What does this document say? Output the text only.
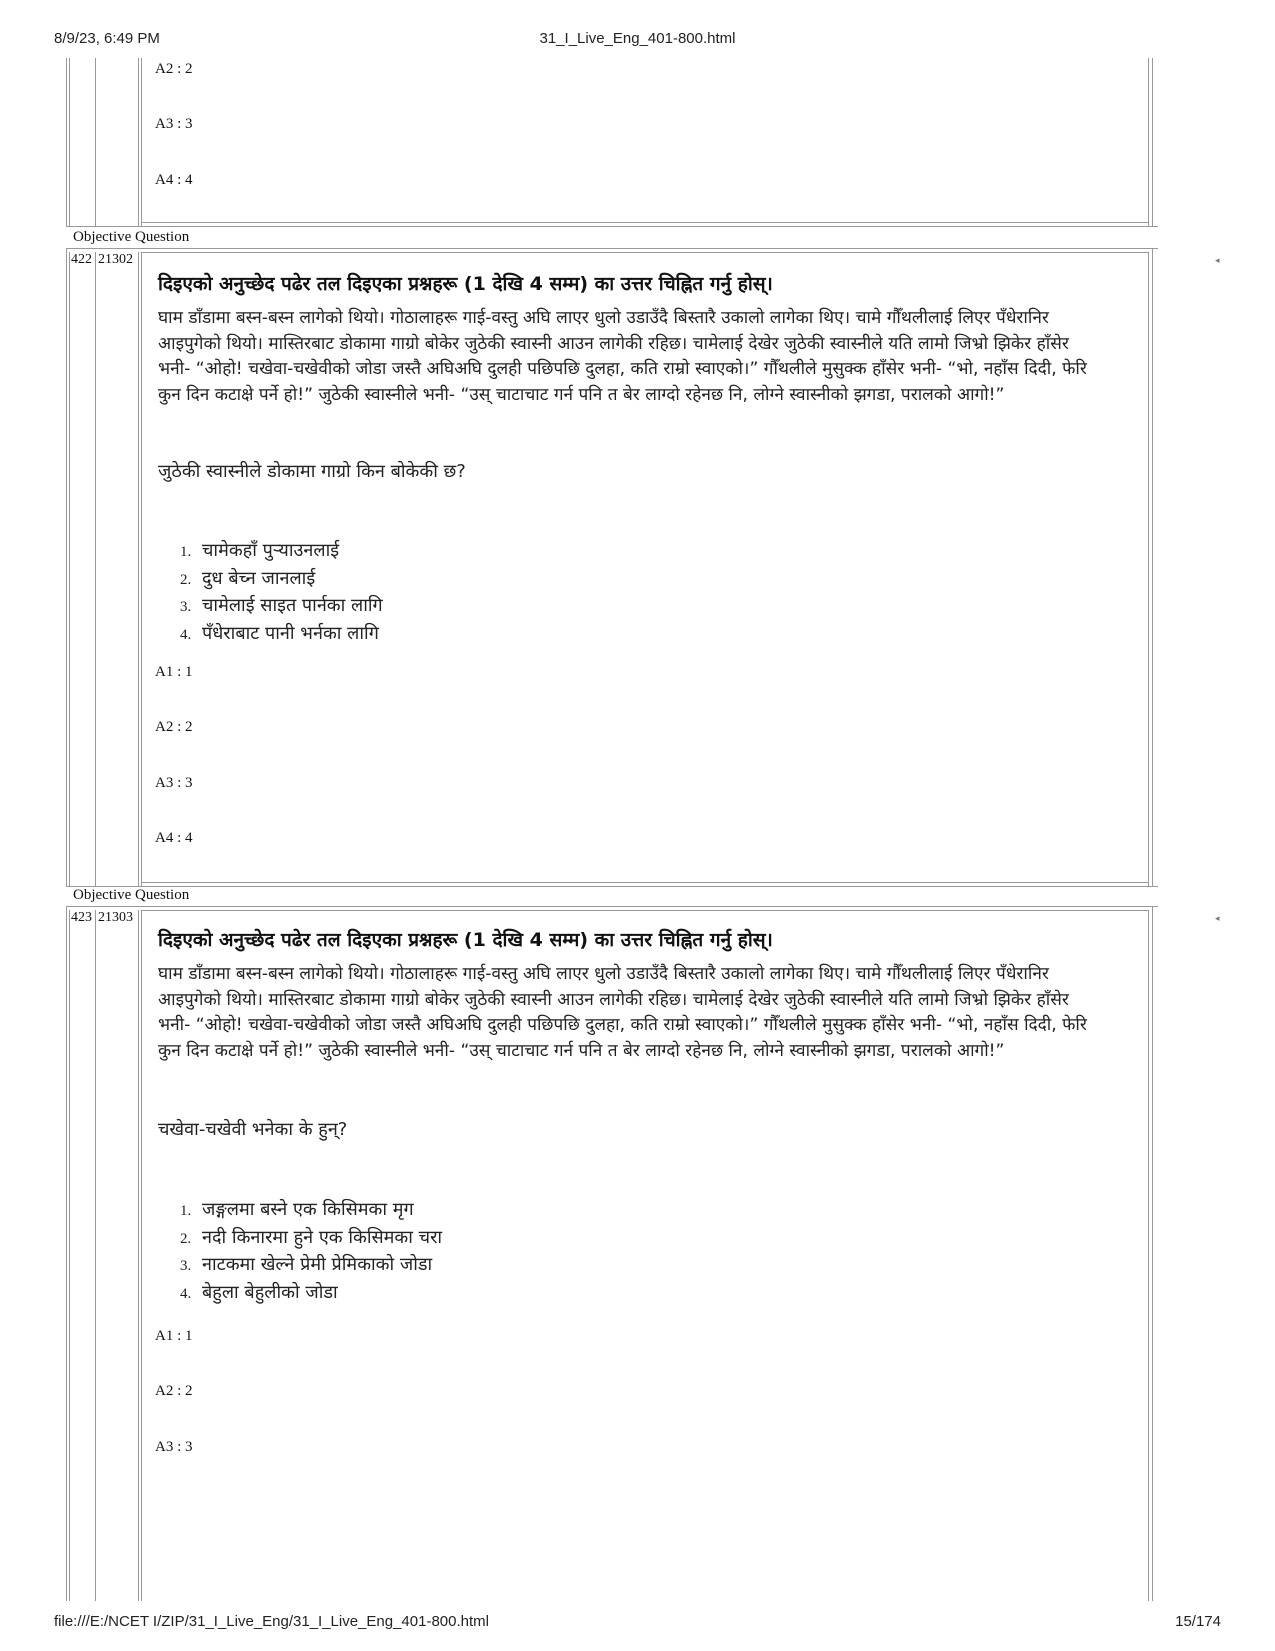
8/9/23, 6:49 PM	31_I_Live_Eng_401-800.html
A2 : 2
A3 : 3
A4 : 4
Objective Question
◂
422 21302
दिइएको अनुच्छेद पढेर तल दिइएका प्रश्नहरू (1 देखि 4 सम्म) का उत्तर चिह्नित गर्नु होस्।
घाम डाँडामा बस्न-बस्न लागेको थियो। गोठालाहरू गाई-वस्तु अघि लाएर धुलो उडाउँदै बिस्तारै उकालो लागेका थिए। चामे गौँथलीलाई लिएर पँधेरानिर
आइपुगेको थियो। मास्तिरबाट डोकामा गाग्रो बोकेर जुठेकी स्वास्नी आउन लागेकी रहिछ। चामेलाई देखेर जुठेकी स्वास्नीले यति लामो जिभ्रो झिकेर हाँसेर
भनी- “ओहो! चखेवा-चखेवीको जोडा जस्तै अघिअघि दुलही पछिपछि दुलहा, कति राम्रो स्वाएको।” गौँथलीले मुसुक्क हाँसेर भनी- “भो, नहाँस दिदी, फेरि
कुन दिन कटाक्षे पर्ने हो!” जुठेकी स्वास्नीले भनी- “उस् चाटाचाट गर्न पनि त बेर लाग्दो रहेनछ नि, लोग्ने स्वास्नीको झगडा, परालको आगो!”
जुठेकी स्वास्नीले डोकामा गाग्रो किन बोकेकी छ?
1. चामेकहाँ पुऱ्याउनलाई
2. दुध बेच्न जानलाई
3. चामेलाई साइत पार्नका लागि
4. पँधेराबाट पानी भर्नका लागि
A1 : 1
A2 : 2
A3 : 3
A4 : 4
Objective Question
◂
423 21303
दिइएको अनुच्छेद पढेर तल दिइएका प्रश्नहरू (1 देखि 4 सम्म) का उत्तर चिह्नित गर्नु होस्।
घाम डाँडामा बस्न-बस्न लागेको थियो। गोठालाहरू गाई-वस्तु अघि लाएर धुलो उडाउँदै बिस्तारै उकालो लागेका थिए। चामे गौँथलीलाई लिएर पँधेरानिर
आइपुगेको थियो। मास्तिरबाट डोकामा गाग्रो बोकेर जुठेकी स्वास्नी आउन लागेकी रहिछ। चामेलाई देखेर जुठेकी स्वास्नीले यति लामो जिभ्रो झिकेर हाँसेर
भनी- “ओहो! चखेवा-चखेवीको जोडा जस्तै अघिअघि दुलही पछिपछि दुलहा, कति राम्रो स्वाएको।” गौँथलीले मुसुक्क हाँसेर भनी- “भो, नहाँस दिदी, फेरि
कुन दिन कटाक्षे पर्ने हो!” जुठेकी स्वास्नीले भनी- “उस् चाटाचाट गर्न पनि त बेर लाग्दो रहेनछ नि, लोग्ने स्वास्नीको झगडा, परालको आगो!”
चखेवा-चखेवी भनेका के हुन्?
1. जङ्गलमा बस्ने एक किसिमका मृग
2. नदी किनारमा हुने एक किसिमका चरा
3. नाटकमा खेल्ने प्रेमी प्रेमिकाको जोडा
4. बेहुला बेहुलीको जोडा
A1 : 1
A2 : 2
A3 : 3
file:///E:/NCET I/ZIP/31_I_Live_Eng/31_I_Live_Eng_401-800.html	15/174
